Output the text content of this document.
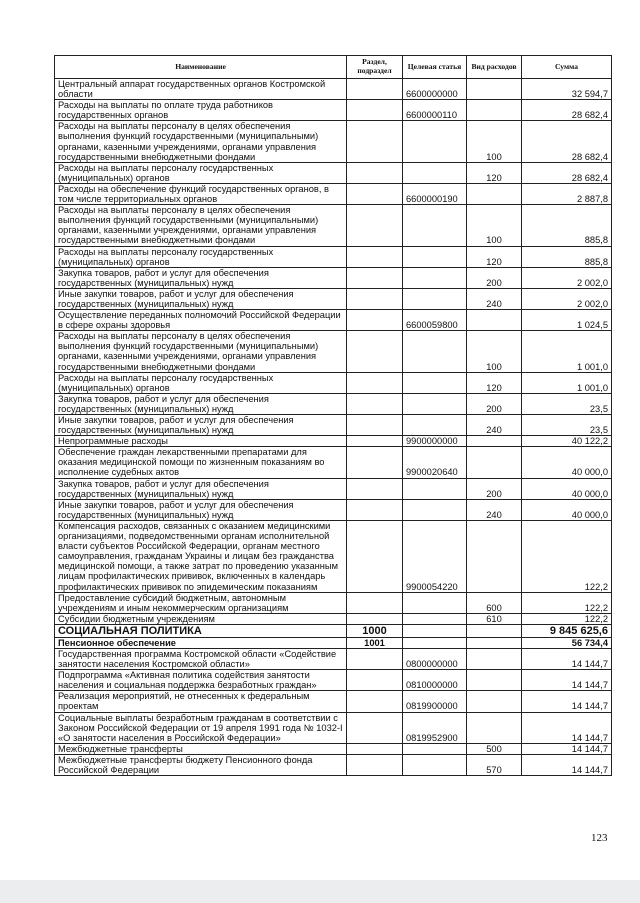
Наименование	Раздел, подраздел	Целевая статья	Вид расходов	Сумма
Центральный аппарат государственных органов Костромской области		6600000000		32 594,7
Расходы на выплаты по оплате труда работников государственных органов		6600000110		28 682,4
Расходы на выплаты персоналу в целях обеспечения выполнения функций государственными (муниципальными) органами, казенными учреждениями, органами управления государственными внебюджетными фондами			100	28 682,4
Расходы на выплаты персоналу государственных (муниципальных) органов			120	28 682,4
Расходы на обеспечение функций государственных органов, в том числе территориальных органов		6600000190		2 887,8
Расходы на выплаты персоналу в целях обеспечения выполнения функций государственными (муниципальными) органами, казенными учреждениями, органами управления государственными внебюджетными фондами			100	885,8
Расходы на выплаты персоналу государственных (муниципальных) органов			120	885,8
Закупка товаров, работ и услуг для обеспечения государственных (муниципальных) нужд			200	2 002,0
Иные закупки товаров, работ и услуг для обеспечения государственных (муниципальных) нужд			240	2 002,0
Осуществление переданных полномочий Российской Федерации в сфере охраны здоровья		6600059800		1 024,5
Расходы на выплаты персоналу в целях обеспечения выполнения функций государственными (муниципальными) органами, казенными учреждениями, органами управления государственными внебюджетными фондами			100	1 001,0
Расходы на выплаты персоналу государственных (муниципальных) органов			120	1 001,0
Закупка товаров, работ и услуг для обеспечения государственных (муниципальных) нужд			200	23,5
Иные закупки товаров, работ и услуг для обеспечения государственных (муниципальных) нужд			240	23,5
Непрограммные расходы		9900000000		40 122,2
Обеспечение граждан лекарственными препаратами для оказания медицинской помощи по жизненным показаниям во исполнение судебных актов		9900020640		40 000,0
Закупка товаров, работ и услуг для обеспечения государственных (муниципальных) нужд			200	40 000,0
Иные закупки товаров, работ и услуг для обеспечения государственных (муниципальных) нужд			240	40 000,0
Компенсация расходов, связанных с оказанием медицинскими организациями, подведомственными органам исполнительной власти субъектов Российской Федерации, органам местного самоуправления, гражданам Украины и лицам без гражданства медицинской помощи, а также затрат по проведению указанным лицам профилактических прививок, включенных в календарь профилактических прививок по эпидемическим показаниям		9900054220		122,2
Предоставление субсидий бюджетным, автономным учреждениям и иным некоммерческим организациям			600	122,2
Субсидии бюджетным учреждениям			610	122,2
СОЦИАЛЬНАЯ ПОЛИТИКА	1000			9 845 625,6
Пенсионное обеспечение	1001			56 734,4
Государственная программа Костромской области «Содействие занятости населения Костромской области»		0800000000		14 144,7
Подпрограмма «Активная политика содействия занятости населения и социальная поддержка безработных граждан»		0810000000		14 144,7
Реализация мероприятий, не отнесенных к федеральным проектам		0819900000		14 144,7
Социальные выплаты безработным гражданам в соответствии с Законом Российской Федерации от 19 апреля 1991 года № 1032-I «О занятости населения в Российской Федерации»		0819952900		14 144,7
Межбюджетные трансферты			500	14 144,7
Межбюджетные трансферты бюджету Пенсионного фонда Российской Федерации			570	14 144,7
123
